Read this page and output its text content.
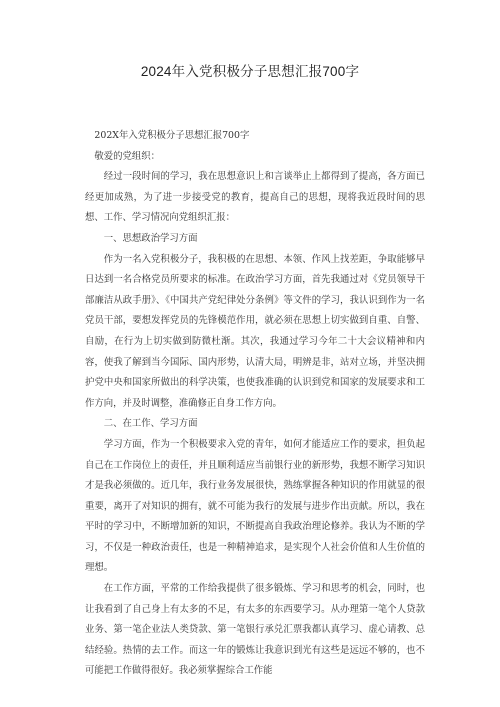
2024年入党积极分子思想汇报700字

202X年入党积极分子思想汇报700字

敬爱的党组织：

经过一段时间的学习，我在思想意识上和言谈举止上都得到了提高，各方面已经更加成熟，为了进一步接受党的教育，提高自己的思想，现将我近段时间的思想、工作、学习情况向党组织汇报：

一、思想政治学习方面

作为一名入党积极分子，我积极的在思想、本领、作风上找差距，争取能够早日达到一名合格党员所要求的标准。在政治学习方面，首先我通过对《党员领导干部廉洁从政手册》、《中国共产党纪律处分条例》等文件的学习，我认识到作为一名党员干部，要想发挥党员的先锋模范作用，就必须在思想上切实做到自重、自警、自励，在行为上切实做到防微杜渐。其次，我通过学习今年二十大会议精神和内容，使我了解到当今国际、国内形势，认清大局，明辨是非，站对立场，并坚决拥护党中央和国家所做出的科学决策，也使我准确的认识到党和国家的发展要求和工作方向，并及时调整，准确修正自身工作方向。

二、在工作、学习方面

学习方面，作为一个积极要求入党的青年，如何才能适应工作的要求，担负起自己在工作岗位上的责任，并且顺利适应当前银行业的新形势，我想不断学习知识才是我必须做的。近几年，我行业务发展很快，熟练掌握各种知识的作用就显的很重要，离开了对知识的拥有，就不可能为我行的发展与进步作出贡献。所以，我在平时的学习中，不断增加新的知识，不断提高自我政治理论修养。我认为不断的学习，不仅是一种政治责任，也是一种精神追求，是实现个人社会价值和人生价值的理想。

在工作方面，平常的工作给我提供了很多锻炼、学习和思考的机会，同时，也让我看到了自己身上有太多的不足，有太多的东西要学习。从办理第一笔个人贷款业务、第一笔企业法人类贷款、第一笔银行承兑汇票我都认真学习、虚心请教、总结经验。热情的去工作。而这一年的锻炼让我意识到光有这些是远远不够的，也不可能把工作做得很好。我必须掌握综合工作能
